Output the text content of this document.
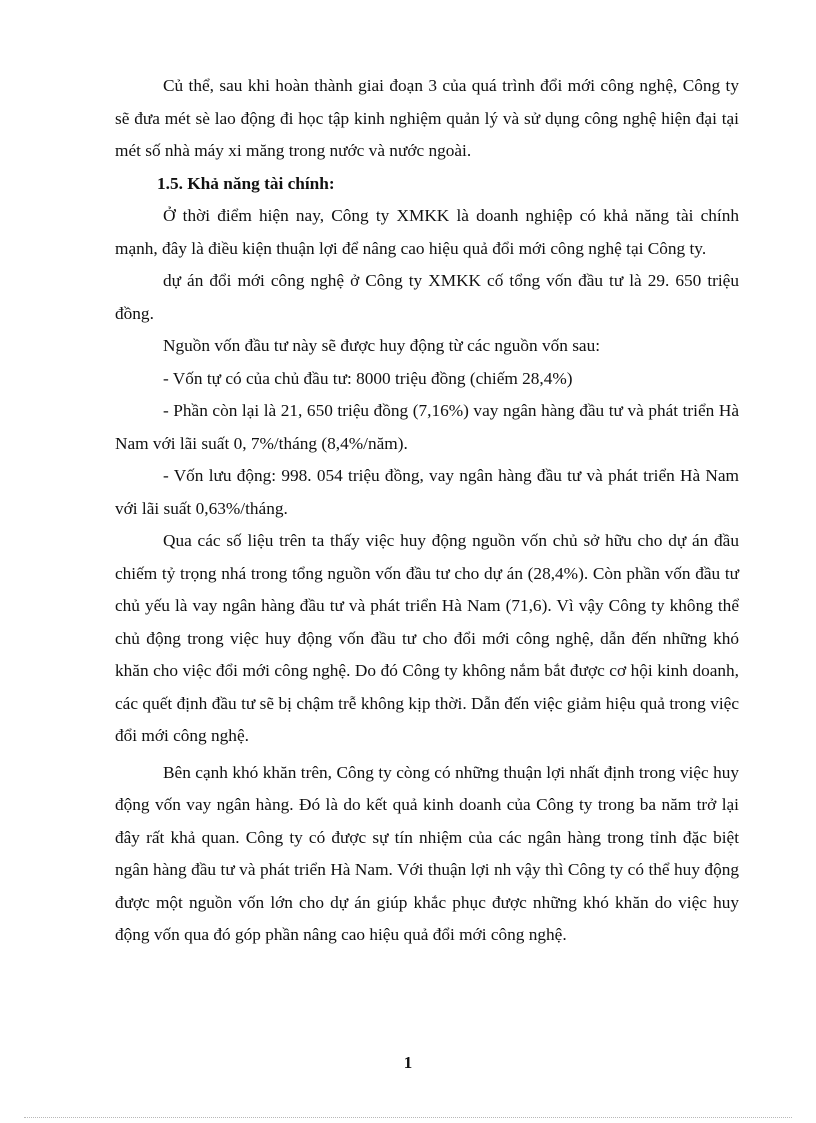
Củ thể, sau khi hoàn thành giai đoạn 3 của quá trình đổi mới công nghệ, Công ty sẽ đưa mét sè lao động đi học tập kinh nghiệm quản lý và sử dụng công nghệ hiện đại tại mét số nhà máy xi măng trong nước và nước ngoài.

1.5. Khả năng tài chính:

Ở thời điểm hiện nay, Công ty XMKK là doanh nghiệp có khả năng tài chính mạnh, đây là điều kiện thuận lợi để nâng cao hiệu quả đổi mới công nghệ tại Công ty.

dự án đổi mới công nghệ ở Công ty XMKK cố tổng vốn đầu tư là 29. 650 triệu đồng.

Nguồn vốn đầu tư này sẽ được huy động từ các nguồn vốn sau:

- Vốn tự có của chủ đầu tư: 8000 triệu đồng (chiếm 28,4%)

- Phần còn lại là 21, 650 triệu đồng (7,16%) vay ngân hàng đầu tư và phát triển Hà Nam với lãi suất 0, 7%/tháng (8,4%/năm).

- Vốn lưu động: 998. 054 triệu đồng, vay ngân hàng đầu tư và phát triển Hà Nam với lãi suất 0,63%/tháng.

Qua các số liệu trên ta thấy việc huy động nguồn vốn chủ sở hữu cho dự án đầu chiếm tỷ trọng nhá trong tổng nguồn vốn đầu tư cho dự án (28,4%). Còn phần vốn đầu tư chủ yếu là vay ngân hàng đầu tư và phát triển Hà Nam (71,6). Vì vậy Công ty không thể chủ động trong việc huy động vốn đầu tư cho đổi mới công nghệ, dẫn đến những khó khăn cho việc đổi mới công nghệ. Do đó Công ty không nắm bắt được cơ hội kinh doanh, các quết định đầu tư sẽ bị chậm trễ không kịp thời. Dẫn đến việc giảm hiệu quả trong việc đổi mới công nghệ.

Bên cạnh khó khăn trên, Công ty còng có những thuận lợi nhất định trong việc huy động vốn vay ngân hàng. Đó là do kết quả kinh doanh của Công ty trong ba năm trở lại đây rất khả quan. Công ty có được sự tín nhiệm của các ngân hàng trong tỉnh đặc biệt ngân hàng đầu tư và phát triển Hà Nam. Với thuận lợi nh vậy thì Công ty có thể huy động được một nguồn vốn lớn cho dự án giúp khắc phục được những khó khăn do việc huy động vốn qua đó góp phần nâng cao hiệu quả đổi mới công nghệ.

1
